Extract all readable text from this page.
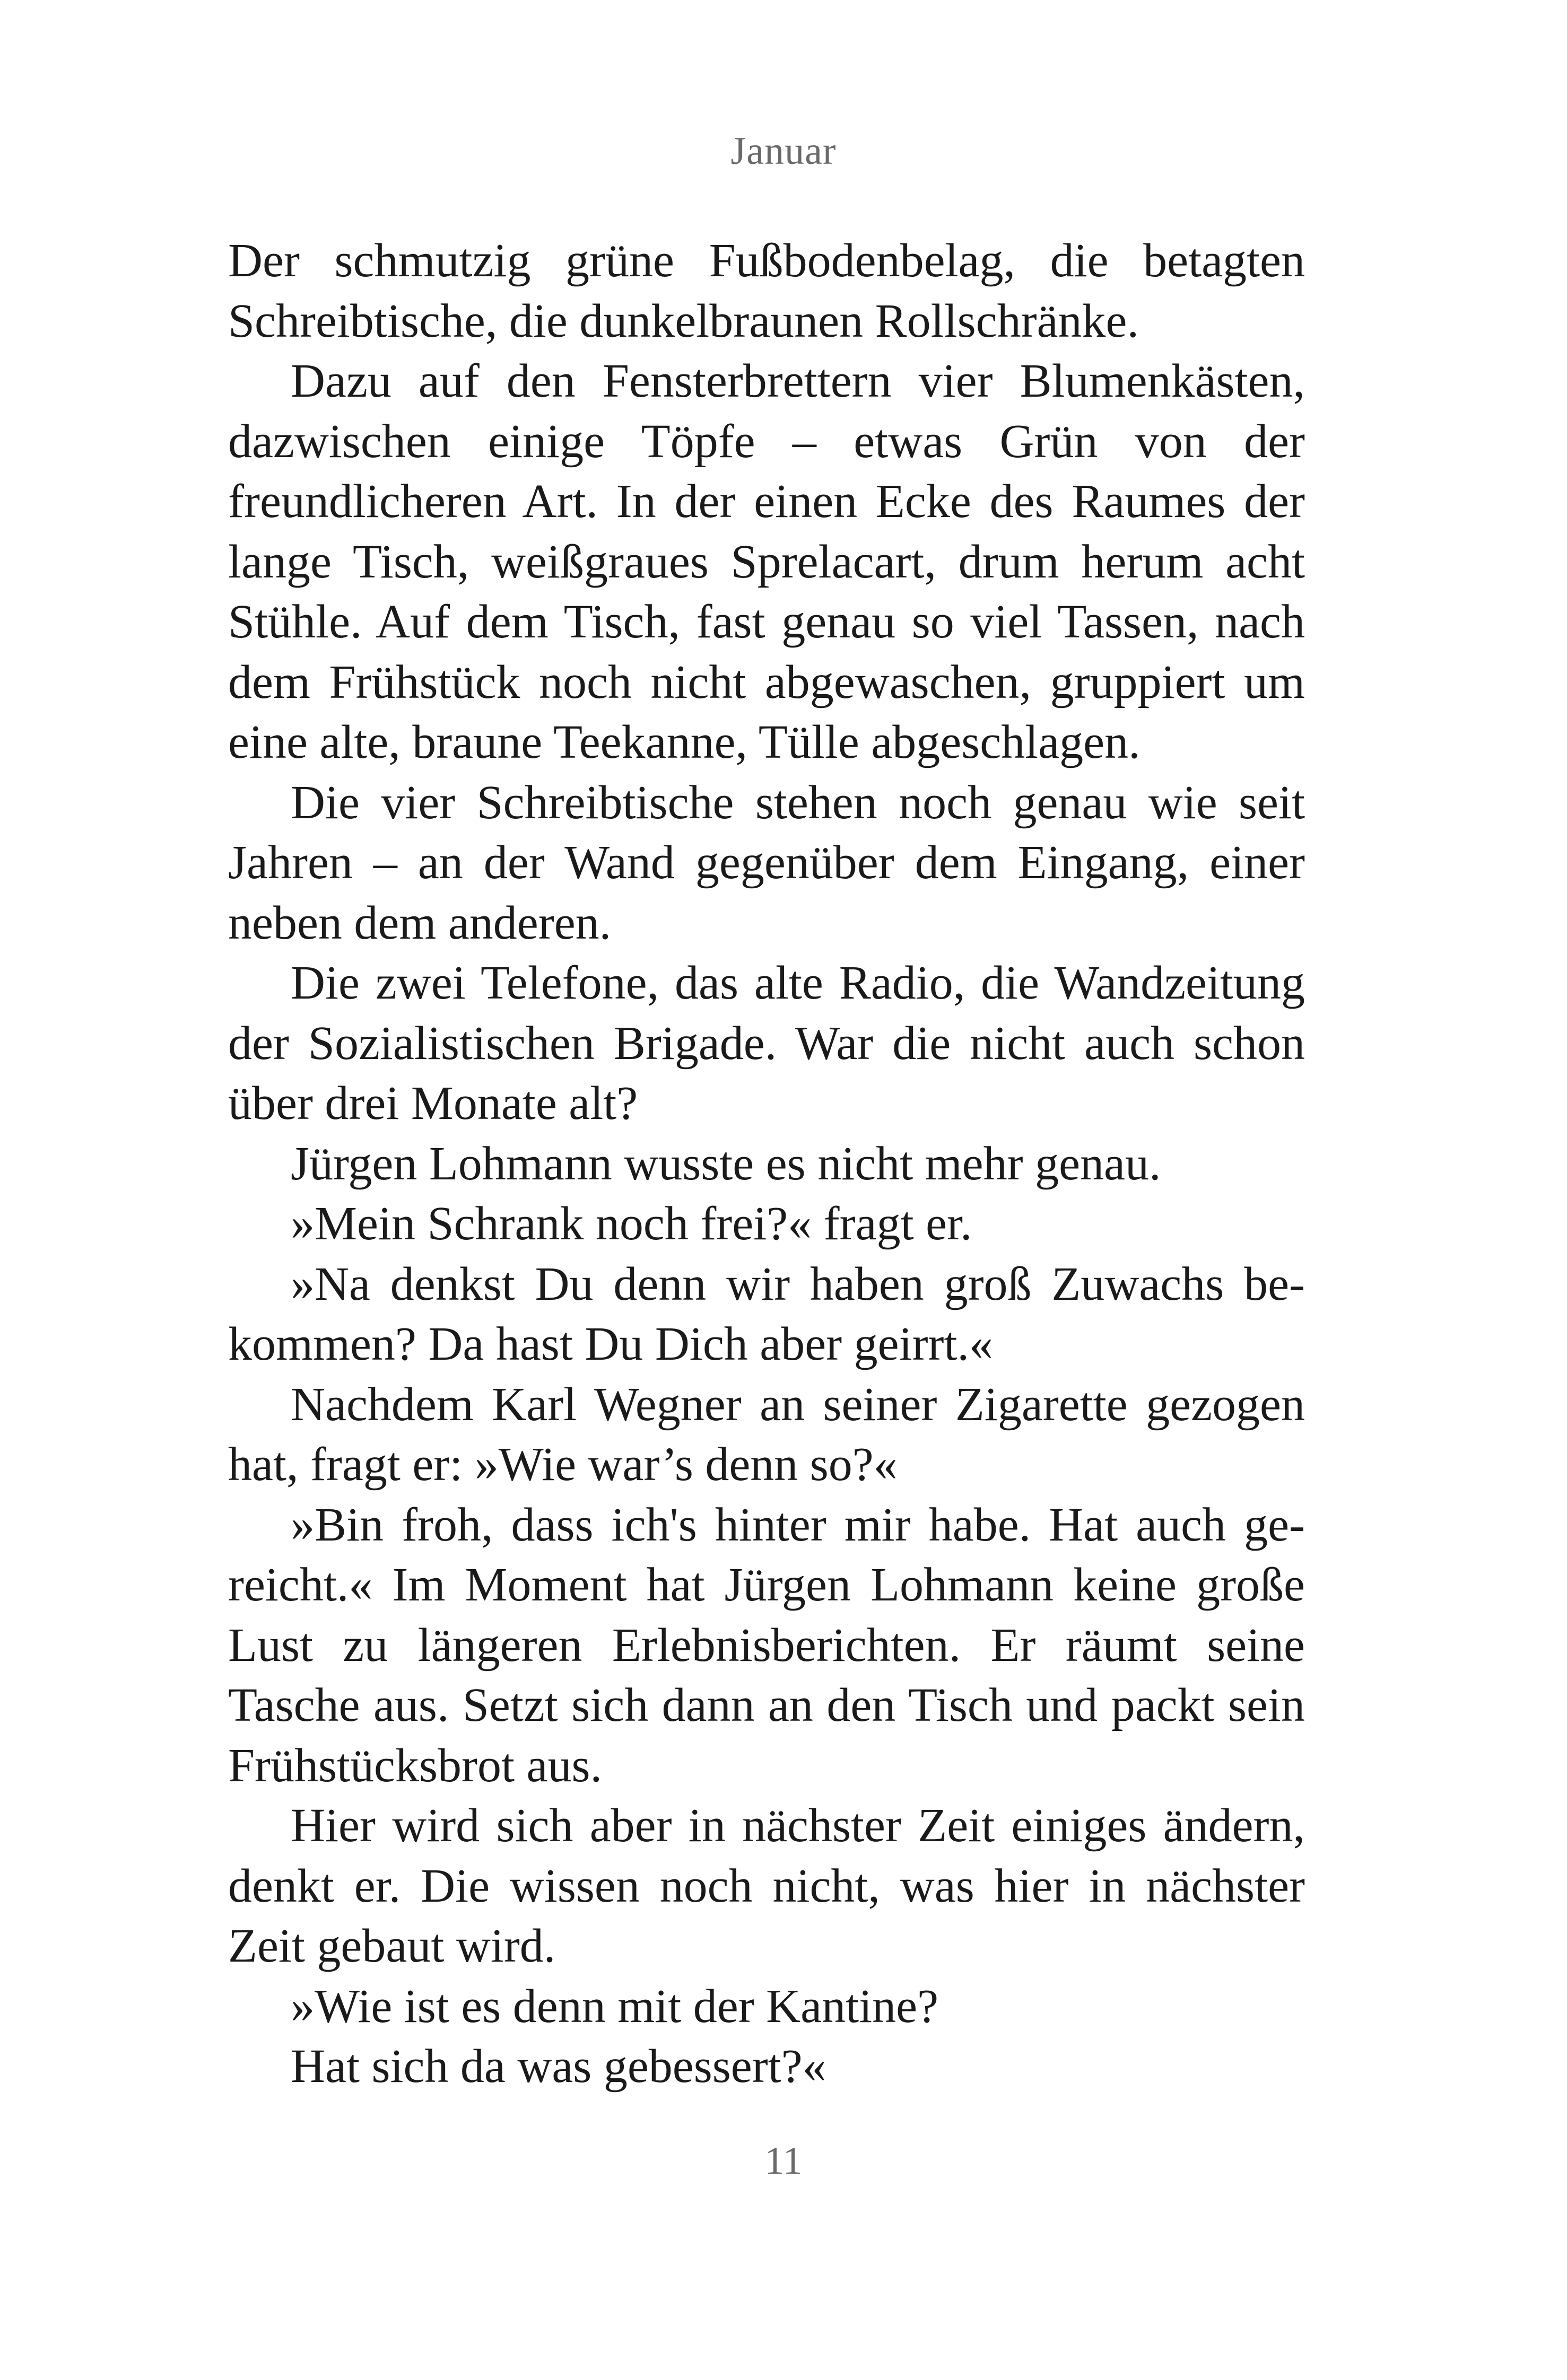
Januar

Der schmutzig grüne Fußbodenbelag, die betagten Schreibtische, die dunkelbraunen Rollschränke.

Dazu auf den Fensterbrettern vier Blumenkästen, dazwischen einige Töpfe – etwas Grün von der freundlicheren Art. In der einen Ecke des Raumes der lange Tisch, weißgraues Sprelacart, drum herum acht Stühle. Auf dem Tisch, fast genau so viel Tassen, nach dem Frühstück noch nicht abgewaschen, gruppiert um eine alte, braune Teekanne, Tülle abgeschlagen.

Die vier Schreibtische stehen noch genau wie seit Jahren – an der Wand gegenüber dem Eingang, einer neben dem anderen.

Die zwei Telefone, das alte Radio, die Wandzeitung der Sozialistischen Brigade. War die nicht auch schon über drei Monate alt?

Jürgen Lohmann wusste es nicht mehr genau.

»Mein Schrank noch frei?« fragt er.

»Na denkst Du denn wir haben groß Zuwachs bekommen? Da hast Du Dich aber geirrt.«

Nachdem Karl Wegner an seiner Zigarette gezogen hat, fragt er: »Wie war’s denn so?«

»Bin froh, dass ich's hinter mir habe. Hat auch gereicht.« Im Moment hat Jürgen Lohmann keine große Lust zu längeren Erlebnisberichten. Er räumt seine Tasche aus. Setzt sich dann an den Tisch und packt sein Frühstücksbrot aus.

Hier wird sich aber in nächster Zeit einiges ändern, denkt er. Die wissen noch nicht, was hier in nächster Zeit gebaut wird.

»Wie ist es denn mit der Kantine?

Hat sich da was gebessert?«

11
